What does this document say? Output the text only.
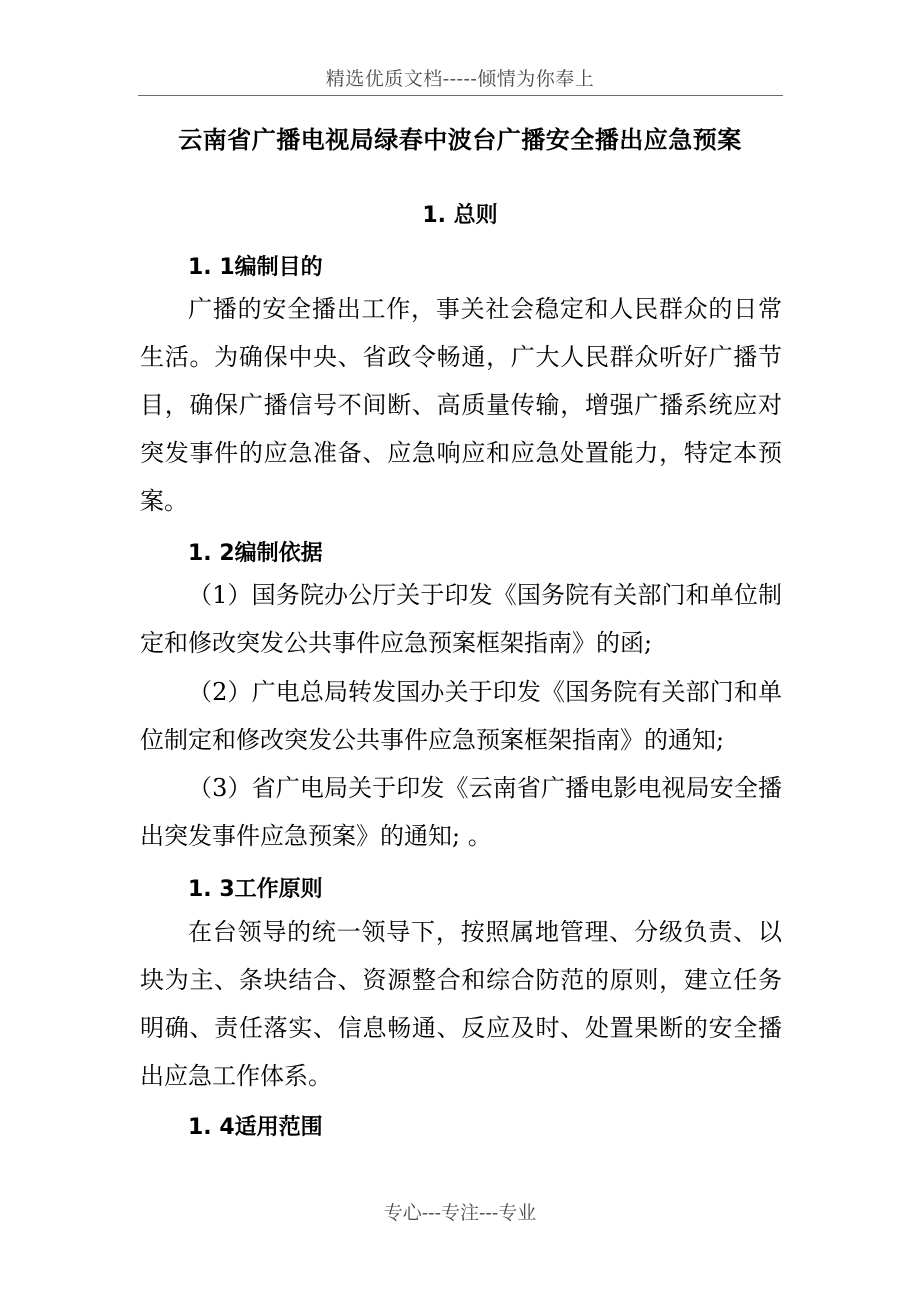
精选优质文档-----倾情为你奉上
云南省广播电视局绿春中波台广播安全播出应急预案
1. 总则
1. 1编制目的

广播的安全播出工作，事关社会稳定和人民群众的日常生活。为确保中央、省政令畅通，广大人民群众听好广播节目，确保广播信号不间断、高质量传输，增强广播系统应对突发事件的应急准备、应急响应和应急处置能力，特定本预案。

1. 2编制依据

（1）国务院办公厅关于印发《国务院有关部门和单位制定和修改突发公共事件应急预案框架指南》的函;

（2）广电总局转发国办关于印发《国务院有关部门和单位制定和修改突发公共事件应急预案框架指南》的通知;

（3）省广电局关于印发《云南省广播电影电视局安全播出突发事件应急预案》的通知; 。

1. 3工作原则

在台领导的统一领导下，按照属地管理、分级负责、以块为主、条块结合、资源整合和综合防范的原则，建立任务明确、责任落实、信息畅通、反应及时、处置果断的安全播出应急工作体系。

1. 4适用范围
专心---专注---专业
